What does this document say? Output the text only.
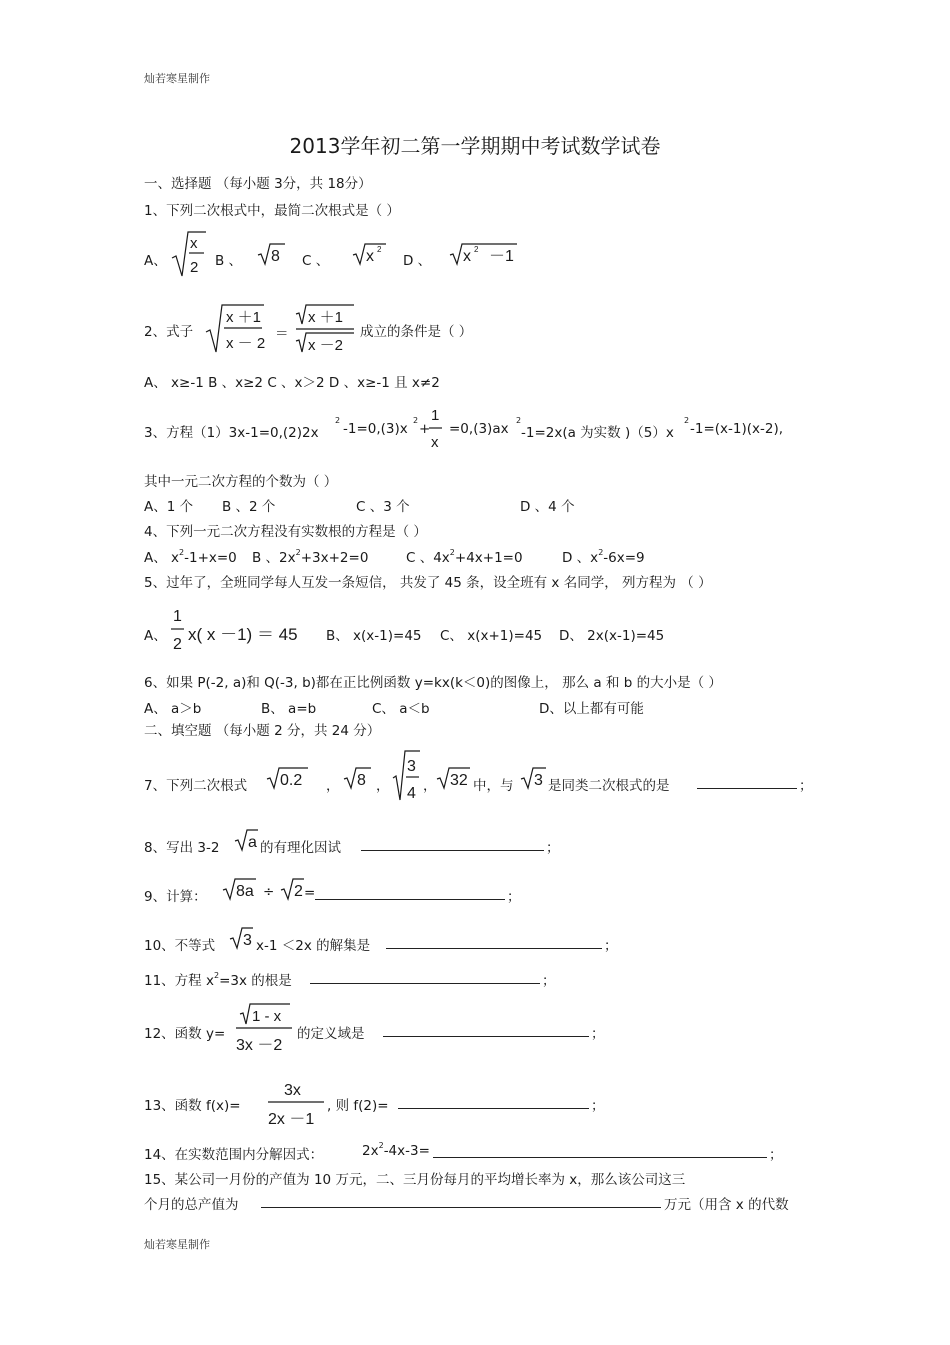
灿若寒星制作
灿若寒星制作
2013学年初二第一学期期中考试数学试卷
一、选择题 （每小题 3分，共 18分）
1、下列二次根式中，最简二次根式是（ ）
A、
x
2 B 、 8 C 、 x 2
D 、 x 2 －1
2、式子
x ＋1
x － 2
＝
x ＋1
x －2
成立的条件是（ ）
A、 x≥-1 B 、x≥2 C 、x＞2 D 、x≥-1 且 x≠2
3、方程（1）3x-1=0,(2)2x
2
-1=0,(3)x
2
+
1
x
=0,(3)ax
2
-1=2x(a 为实数 )（5）x
2
-1=(x-1)(x-2),
其中一元二次方程的个数为（ ）
A、1 个 B 、2 个	C 、3 个	D 、4 个
4、下列一元二次方程没有实数根的方程是（ ）
A、 $x^2-1+x=0$ B 、$2x^2+3x+2=0$	C 、$4x^2+4x+1=0$	D 、$x^2-6x=9$
5、过年了，全班同学每人互发一条短信， 共发了 45 条，设全班有 x 名同学， 列方程为 （ ）
A、
1
2
x( x －1) ＝ 45 B、 x(x-1)=45 C、 x(x+1)=45 D、 2x(x-1)=45
6、如果 P(-2, a)和 Q(-3, b)都在正比例函数 y=kx(k＜0)的图像上， 那么 a 和 b 的大小是（ ）
A、 a＞b	B、 a=b	C、 a＜b	D、以上都有可能
二、填空题 （每小题 2 分，共 24 分）
7、下列二次根式 0.2 ， 8 ，
3
4 ， 32 中，与 3 是同类二次根式的是	；
8、写出 3-2 a 的有理化因试	；
9、计算： 8a ÷ 2 =	；
10、不等式 3 x-1 ＜2x 的解集是	；
11、方程 $x^2=3x$ 的根是	；
12、函数 y=
1 - x
3x －2
的定义域是	；
13、函数 f(x)=
3x
2x －1
, 则 f(2)=	；
14、在实数范围内分解因式：	$2x^2-4x-3=$	；
15、某公司一月份的产值为 10 万元，二、三月份每月的平均增长率为 x，那么该公司这三
个月的总产值为	万元（用含 x 的代数
